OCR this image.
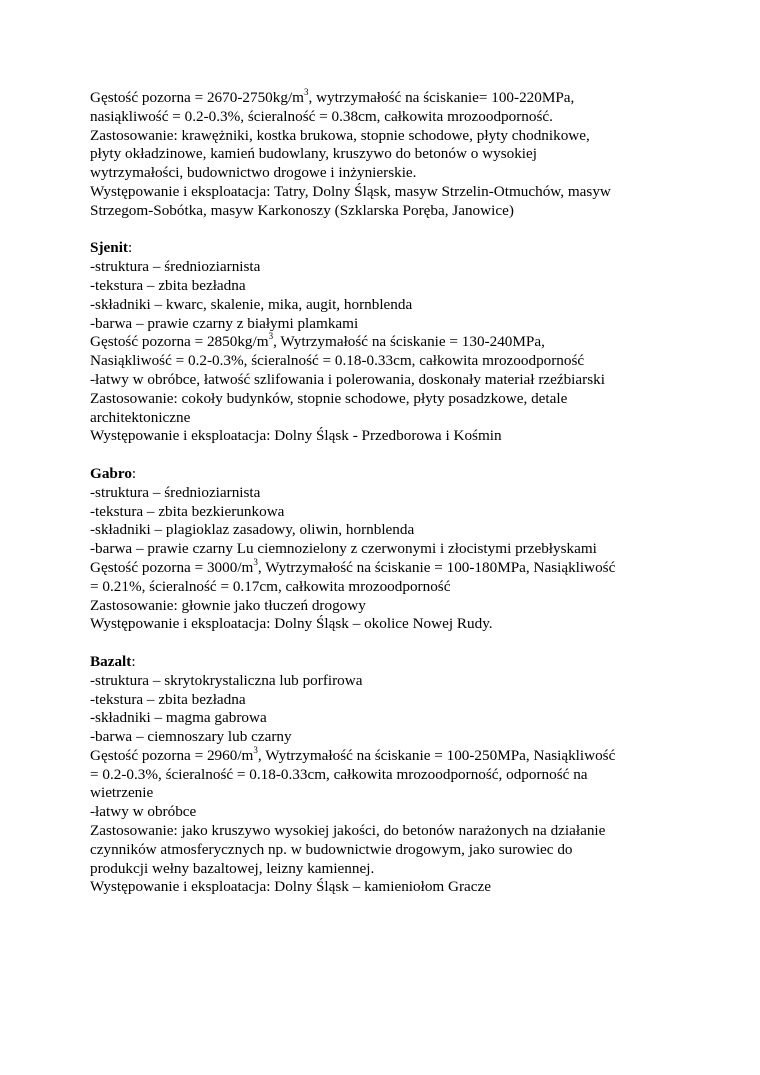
Gęstość pozorna = $2670-2750kg/m^3$, wytrzymałość na ściskanie= 100-220MPa,
nasiąkliwość = 0.2-0.3%, ścieralność = 0.38cm, całkowita mrozoodporność.
Zastosowanie: krawężniki, kostka brukowa, stopnie schodowe, płyty chodnikowe,
płyty okładzinowe, kamień budowlany, kruszywo do betonów o wysokiej
wytrzymałości, budownictwo drogowe i inżynierskie.
Występowanie i eksploatacja: Tatry, Dolny Śląsk, masyw Strzelin-Otmuchów, masyw
Strzegom-Sobótka, masyw Karkonoszy (Szklarska Poręba, Janowice)
Sjenit:
-struktura – średnioziarnista
-tekstura – zbita bezładna
-składniki – kwarc, skalenie, mika, augit, hornblenda
-barwa – prawie czarny z białymi plamkami
Gęstość pozorna = $2850kg/m^3$, Wytrzymałość na ściskanie = 130-240MPa,
Nasiąkliwość = 0.2-0.3%, ścieralność = 0.18-0.33cm, całkowita mrozoodporność
-łatwy w obróbce, łatwość szlifowania i polerowania, doskonały materiał rzeźbiarski
Zastosowanie: cokoły budynków, stopnie schodowe, płyty posadzkowe, detale
architektoniczne
Występowanie i eksploatacja: Dolny Śląsk - Przedborowa i Kośmin
Gabro:
-struktura – średnioziarnista
-tekstura – zbita bezkierunkowa
-składniki – plagioklaz zasadowy, oliwin, hornblenda
-barwa – prawie czarny Lu ciemnozielony z czerwonymi i złocistymi przebłyskami
Gęstość pozorna = $3000/m^3$, Wytrzymałość na ściskanie = 100-180MPa, Nasiąkliwość
= 0.21%, ścieralność = 0.17cm, całkowita mrozoodporność
Zastosowanie: głownie jako tłuczeń drogowy
Występowanie i eksploatacja: Dolny Śląsk – okolice Nowej Rudy.
Bazalt:
-struktura – skrytokrystaliczna lub porfirowa
-tekstura – zbita bezładna
-składniki – magma gabrowa
-barwa – ciemnoszary lub czarny
Gęstość pozorna = $2960/m^3$, Wytrzymałość na ściskanie = 100-250MPa, Nasiąkliwość
= 0.2-0.3%, ścieralność = 0.18-0.33cm, całkowita mrozoodporność, odporność na
wietrzenie
-łatwy w obróbce
Zastosowanie: jako kruszywo wysokiej jakości, do betonów narażonych na działanie
czynników atmosferycznych np. w budownictwie drogowym, jako surowiec do
produkcji wełny bazaltowej, leizny kamiennej.
Występowanie i eksploatacja: Dolny Śląsk – kamieniołom Gracze
